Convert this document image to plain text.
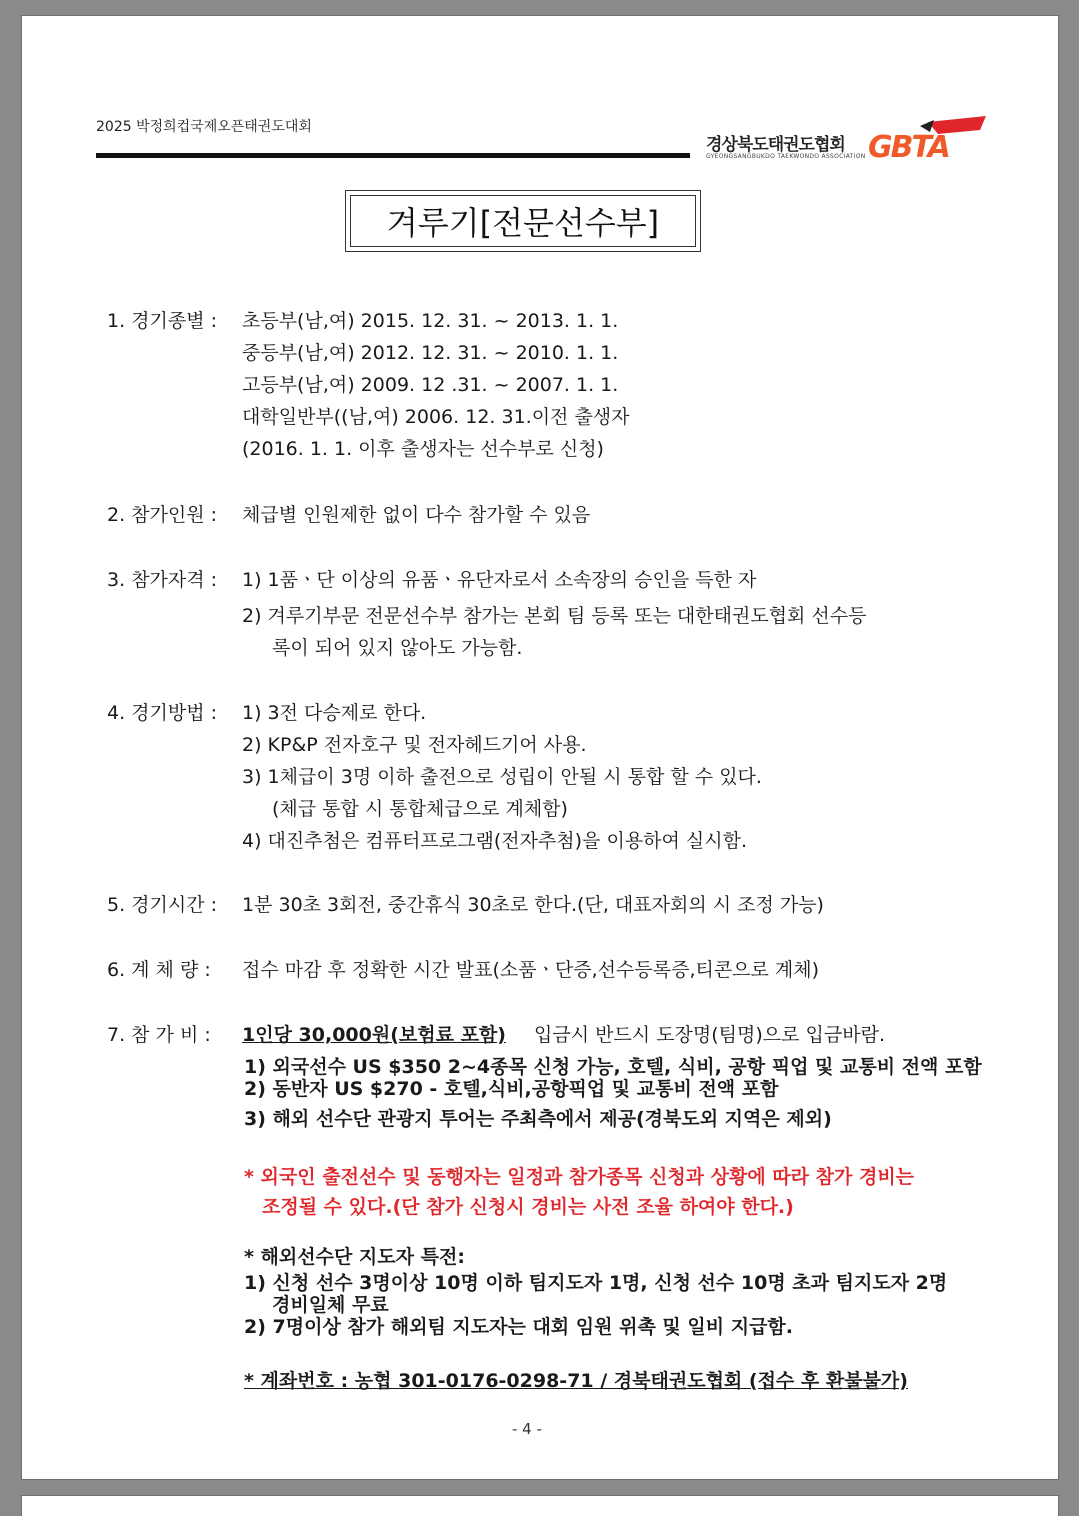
2025 박정희컵국제오픈태권도대회
경상북도태권도협회
GYEONGSANGBUKDO TAEKWONDO ASSOCIATION GBTA
겨루기[전문선수부]
1. 경기종별 : 초등부(남,여) 2015. 12. 31. ~ 2013. 1. 1.
중등부(남,여) 2012. 12. 31. ~ 2010. 1. 1.
고등부(남,여) 2009. 12 .31. ~ 2007. 1. 1.
대학일반부((남,여) 2006. 12. 31.이전 출생자
(2016. 1. 1. 이후 출생자는 선수부로 신청)
2. 참가인원 : 체급별 인원제한 없이 다수 참가할 수 있음
3. 참가자격 : 1) 1품ㆍ단 이상의 유품ㆍ유단자로서 소속장의 승인을 득한 자
2) 겨루기부문 전문선수부 참가는 본회 팀 등록 또는 대한태권도협회 선수등
록이 되어 있지 않아도 가능함.
4. 경기방법 : 1) 3전 다승제로 한다.
2) KP&P 전자호구 및 전자헤드기어 사용.
3) 1체급이 3명 이하 출전으로 성립이 안될 시 통합 할 수 있다.
(체급 통합 시 통합체급으로 계체함)
4) 대진추첨은 컴퓨터프로그램(전자추첨)을 이용하여 실시함.
5. 경기시간 : 1분 30초 3회전, 중간휴식 30초로 한다.(단, 대표자회의 시 조정 가능)
6. 계 체 량 : 접수 마감 후 정확한 시간 발표(소품ㆍ단증,선수등록증,티콘으로 계체)
7. 참 가 비 : 1인당 30,000원(보험료 포함) 입금시 반드시 도장명(팀명)으로 입금바람.
1) 외국선수 US $350 2~4종목 신청 가능, 호텔, 식비, 공항 픽업 및 교통비 전액 포함
2) 동반자 US $270 - 호텔,식비,공항픽업 및 교통비 전액 포함
3) 해외 선수단 관광지 투어는 주최측에서 제공(경북도외 지역은 제외)
* 외국인 출전선수 및 동행자는 일정과 참가종목 신청과 상황에 따라 참가 경비는
조정될 수 있다.(단 참가 신청시 경비는 사전 조율 하여야 한다.)
* 해외선수단 지도자 특전:
1) 신청 선수 3명이상 10명 이하 팀지도자 1명, 신청 선수 10명 초과 팀지도자 2명
경비일체 무료
2) 7명이상 참가 해외팀 지도자는 대회 임원 위촉 및 일비 지급함.
* 계좌번호 : 농협 301-0176-0298-71 / 경북태권도협회 (접수 후 환불불가)
- 4 -
